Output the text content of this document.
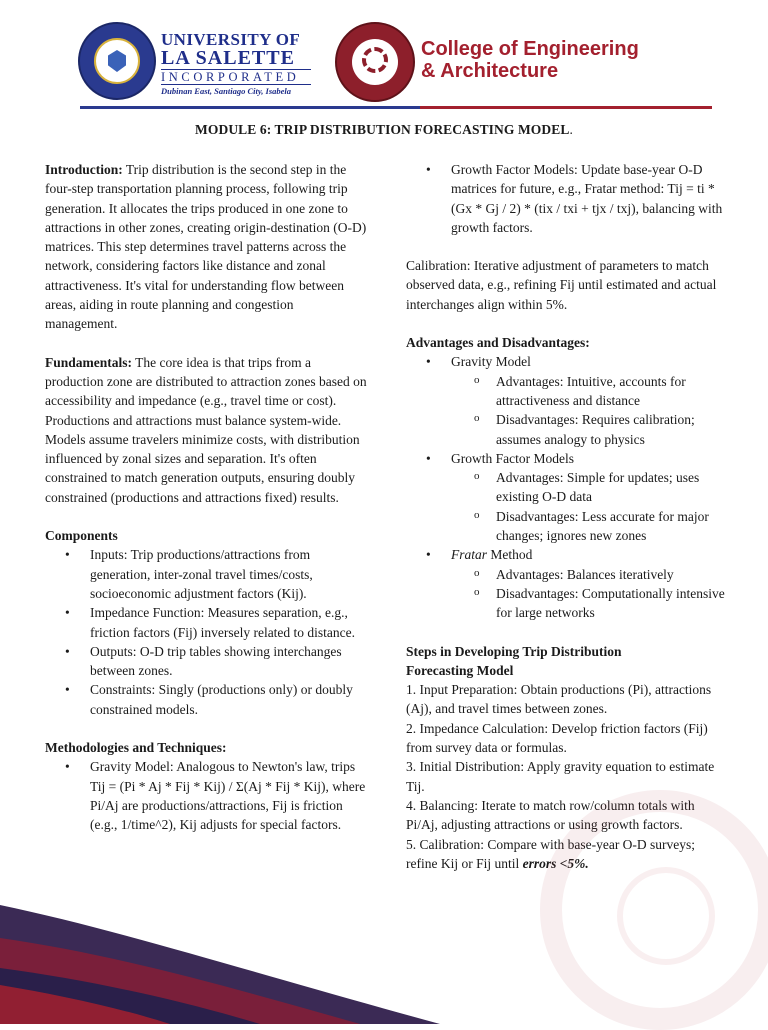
UNIVERSITY OF
LA SALETTE
INCORPORATED
Dubinan East, Santiago City, Isabela
College of Engineering
& Architecture
MODULE 6: TRIP DISTRIBUTION FORECASTING MODEL.

Introduction: Trip distribution is the second step in the four-step transportation planning process, following trip generation. It allocates the trips produced in one zone to attractions in other zones, creating origin-destination (O-D) matrices. This step determines travel patterns across the network, considering factors like distance and zonal attractiveness. It's vital for understanding flow between areas, aiding in route planning and congestion management.

Fundamentals: The core idea is that trips from a production zone are distributed to attraction zones based on accessibility and impedance (e.g., travel time or cost). Productions and attractions must balance system-wide. Models assume travelers minimize costs, with distribution influenced by zonal sizes and separation. It's often constrained to match generation outputs, ensuring doubly constrained (productions and attractions fixed) results.

Components
• Inputs: Trip productions/attractions from generation, inter-zonal travel times/costs, socioeconomic adjustment factors (Kij).
• Impedance Function: Measures separation, e.g., friction factors (Fij) inversely related to distance.
• Outputs: O-D trip tables showing interchanges between zones.
• Constraints: Singly (productions only) or doubly constrained models.
Methodologies and Techniques:
• Gravity Model: Analogous to Newton's law, trips Tij = (Pi * Aj * Fij * Kij) / Σ(Aj * Fij * Kij), where Pi/Aj are productions/attractions, Fij is friction (e.g., 1/time^2), Kij adjusts for special factors.
• Growth Factor Models: Update base-year O-D matrices for future, e.g., Fratar method: Tij = ti * (Gx * Gj / 2) * (tix / txi + tjx / txj), balancing with growth factors.

Calibration: Iterative adjustment of parameters to match observed data, e.g., refining Fij until estimated and actual interchanges align within 5%.

Advantages and Disadvantages:
• Gravity Model
o Advantages: Intuitive, accounts for attractiveness and distance
o Disadvantages: Requires calibration; assumes analogy to physics
• Growth Factor Models
o Advantages: Simple for updates; uses existing O-D data
o Disadvantages: Less accurate for major changes; ignores new zones
• Fratar Method
o Advantages: Balances iteratively
o Disadvantages: Computationally intensive for large networks
Steps in Developing Trip Distribution Forecasting Model
1. Input Preparation: Obtain productions (Pi), attractions (Aj), and travel times between zones.
2. Impedance Calculation: Develop friction factors (Fij) from survey data or formulas.
3. Initial Distribution: Apply gravity equation to estimate Tij.
4. Balancing: Iterate to match row/column totals with Pi/Aj, adjusting attractions or using growth factors.
5. Calibration: Compare with base-year O-D surveys; refine Kij or Fij until errors <5%.
